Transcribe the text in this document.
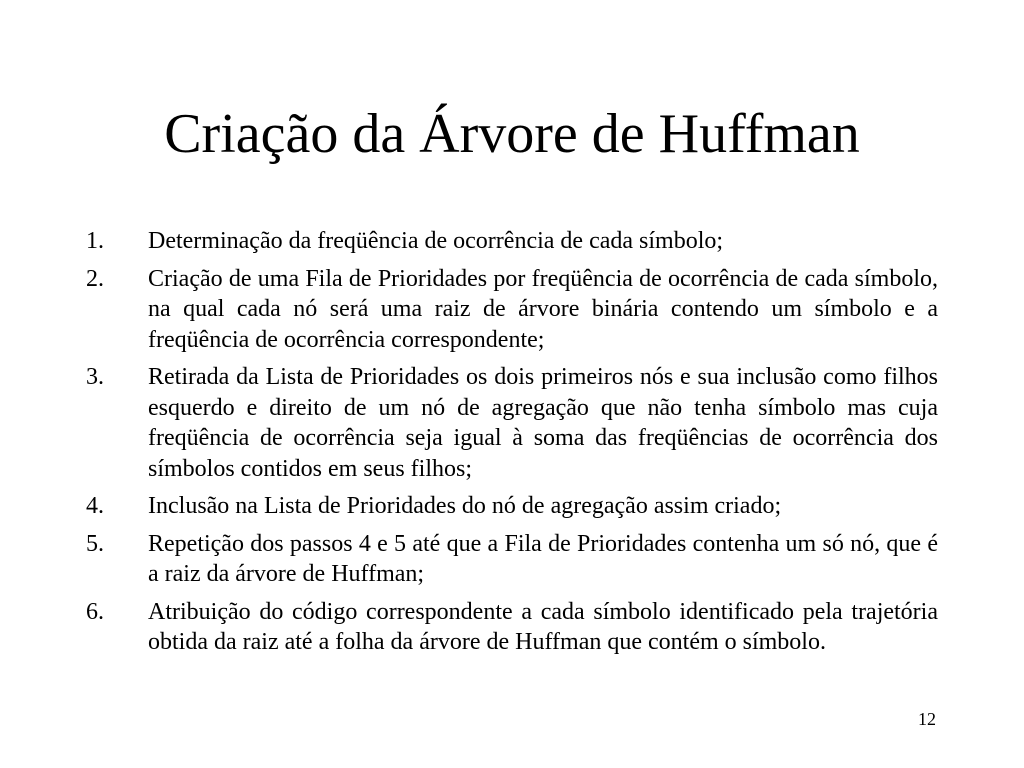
Criação da Árvore de Huffman
1. Determinação da freqüência de ocorrência de cada símbolo;
2. Criação de uma Fila de Prioridades por freqüência de ocorrência de cada símbolo, na qual cada nó será uma raiz de árvore binária contendo um símbolo e a freqüência de ocorrência correspondente;
3. Retirada da Lista de Prioridades os dois primeiros nós e sua inclusão como filhos esquerdo e direito de um nó de agregação que não tenha símbolo mas cuja freqüência de ocorrência seja igual à soma das freqüências de ocorrência dos símbolos contidos em seus filhos;
4. Inclusão na Lista de Prioridades do nó de agregação assim criado;
5. Repetição dos passos 4 e 5 até que a Fila de Prioridades contenha um só nó, que é a raiz da árvore de Huffman;
6. Atribuição do código correspondente a cada símbolo identificado pela trajetória obtida da raiz até a folha da árvore de Huffman que contém o símbolo.
12
